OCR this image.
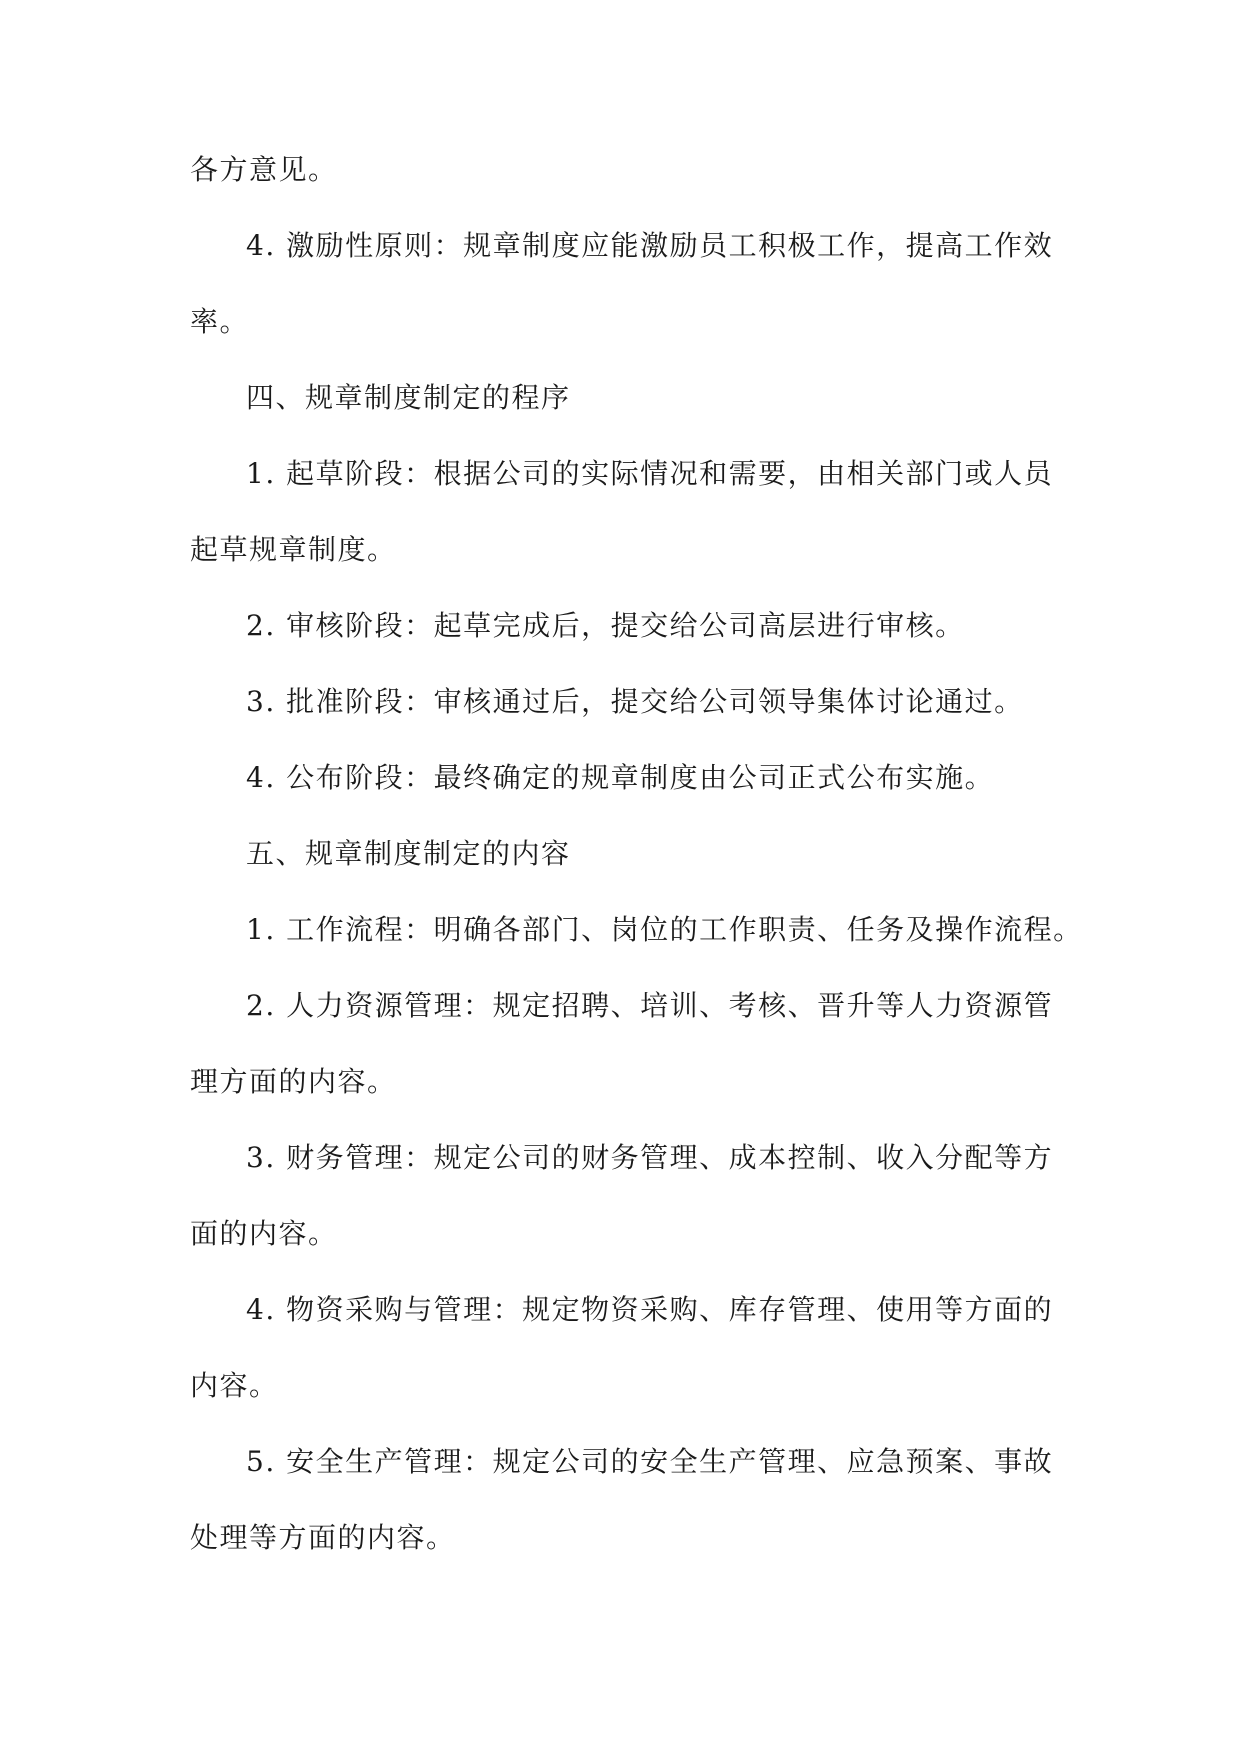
各方意见。
4. 激励性原则：规章制度应能激励员工积极工作，提高工作效
率。
四、规章制度制定的程序
1. 起草阶段：根据公司的实际情况和需要，由相关部门或人员
起草规章制度。
2. 审核阶段：起草完成后，提交给公司高层进行审核。
3. 批准阶段：审核通过后，提交给公司领导集体讨论通过。
4. 公布阶段：最终确定的规章制度由公司正式公布实施。
五、规章制度制定的内容
1. 工作流程：明确各部门、岗位的工作职责、任务及操作流程。
2. 人力资源管理：规定招聘、培训、考核、晋升等人力资源管
理方面的内容。
3. 财务管理：规定公司的财务管理、成本控制、收入分配等方
面的内容。
4. 物资采购与管理：规定物资采购、库存管理、使用等方面的
内容。
5. 安全生产管理：规定公司的安全生产管理、应急预案、事故
处理等方面的内容。
